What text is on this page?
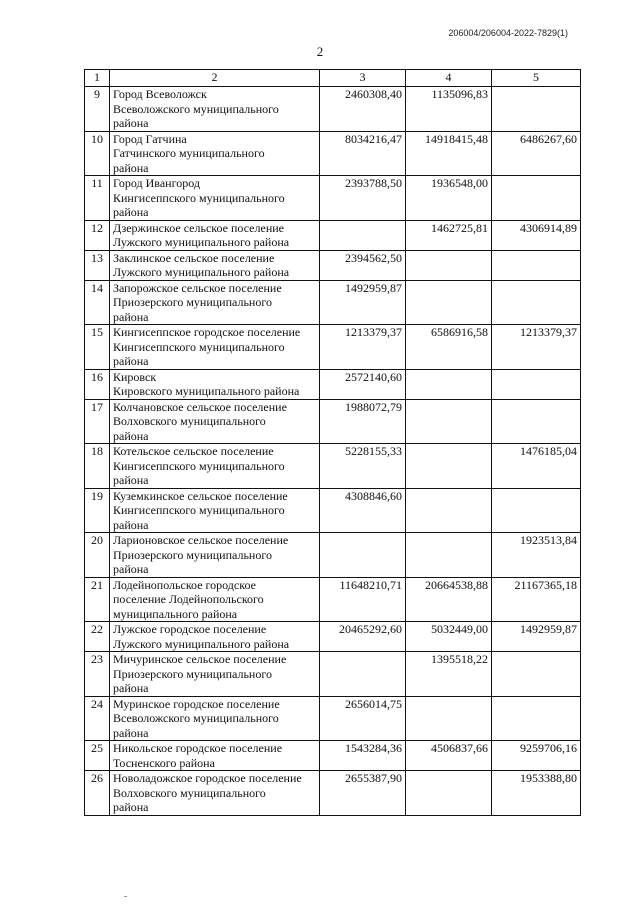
206004/206004-2022-7829(1)
2
1	2	3	4	5
9	Город Всеволожск
Всеволожского муниципального
района	2460308,40	1135096,83	
10	Город Гатчина
Гатчинского муниципального
района	8034216,47	14918415,48	6486267,60
11	Город Ивангород
Кингисеппского муниципального
района	2393788,50	1936548,00	
12	Дзержинское сельское поселение
Лужского муниципального района		1462725,81	4306914,89
13	Заклинское сельское поселение
Лужского муниципального района	2394562,50		
14	Запорожское сельское поселение
Приозерского муниципального
района	1492959,87		
15	Кингисеппское городское поселение
Кингисеппского муниципального
района	1213379,37	6586916,58	1213379,37
16	Кировск
Кировского муниципального района	2572140,60		
17	Колчановское сельское поселение
Волховского муниципального
района	1988072,79		
18	Котельское сельское поселение
Кингисеппского муниципального
района	5228155,33		1476185,04
19	Куземкинское сельское поселение
Кингисеппского муниципального
района	4308846,60		
20	Ларионовское сельское поселение
Приозерского муниципального
района			1923513,84
21	Лодейнопольское городское
поселение Лодейнопольского
муниципального района	11648210,71	20664538,88	21167365,18
22	Лужское городское поселение
Лужского муниципального района	20465292,60	5032449,00	1492959,87
23	Мичуринское сельское поселение
Приозерского муниципального
района		1395518,22	
24	Муринское городское поселение
Всеволожского муниципального
района	2656014,75		
25	Никольское городское поселение
Тосненского района	1543284,36	4506837,66	9259706,16
26	Новоладожское городское поселение
Волховского муниципального
района	2655387,90		1953388,80
